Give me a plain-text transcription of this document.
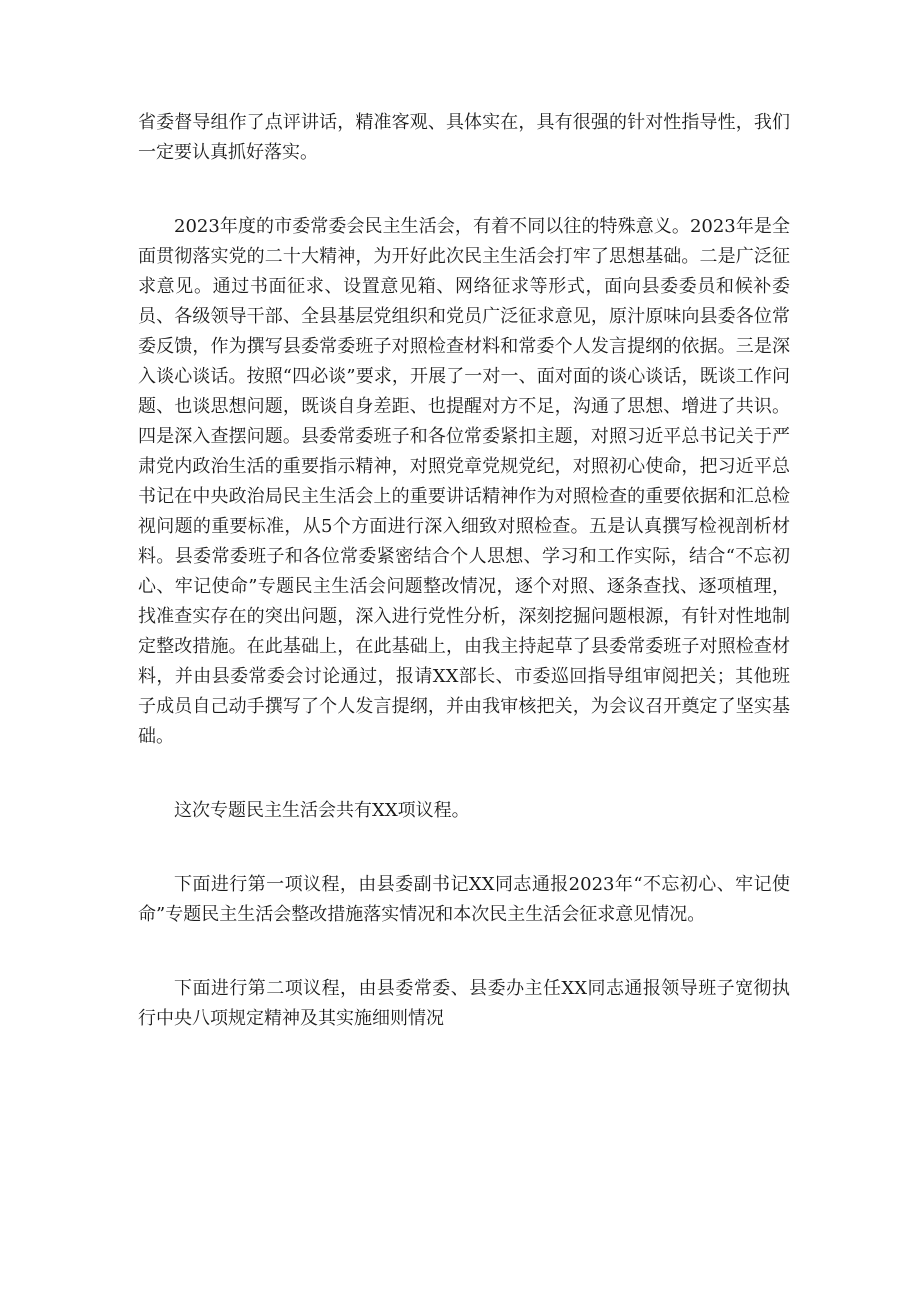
省委督导组作了点评讲话，精准客观、具体实在，具有很强的针对性指导性，我们一定要认真抓好落实。

2023年度的市委常委会民主生活会，有着不同以往的特殊意义。2023年是全面贯彻落实党的二十大精神，为开好此次民主生活会打牢了思想基础。二是广泛征求意见。通过书面征求、设置意见箱、网络征求等形式，面向县委委员和候补委员、各级领导干部、全县基层党组织和党员广泛征求意见，原汁原味向县委各位常委反馈，作为撰写县委常委班子对照检查材料和常委个人发言提纲的依据。三是深入谈心谈话。按照“四必谈”要求，开展了一对一、面对面的谈心谈话，既谈工作问题、也谈思想问题，既谈自身差距、也提醒对方不足，沟通了思想、增进了共识。四是深入查摆问题。县委常委班子和各位常委紧扣主题，对照习近平总书记关于严肃党内政治生活的重要指示精神，对照党章党规党纪，对照初心使命，把习近平总书记在中央政治局民主生活会上的重要讲话精神作为对照检查的重要依据和汇总检视问题的重要标准，从5个方面进行深入细致对照检查。五是认真撰写检视剖析材料。县委常委班子和各位常委紧密结合个人思想、学习和工作实际，结合“不忘初心、牢记使命”专题民主生活会问题整改情况，逐个对照、逐条查找、逐项植理，找准查实存在的突出问题，深入进行党性分析，深刻挖掘问题根源，有针对性地制定整改措施。在此基础上，在此基础上，由我主持起草了县委常委班子对照检查材料，并由县委常委会讨论通过，报请XX部长、市委巡回指导组审阅把关；其他班子成员自己动手撰写了个人发言提纲，并由我审核把关，为会议召开奠定了坚实基础。

这次专题民主生活会共有XX项议程。

下面进行第一项议程，由县委副书记XX同志通报2023年“不忘初心、牢记使命”专题民主生活会整改措施落实情况和本次民主生活会征求意见情况。

下面进行第二项议程，由县委常委、县委办主任XX同志通报领导班子宽彻执行中央八项规定精神及其实施细则情况
